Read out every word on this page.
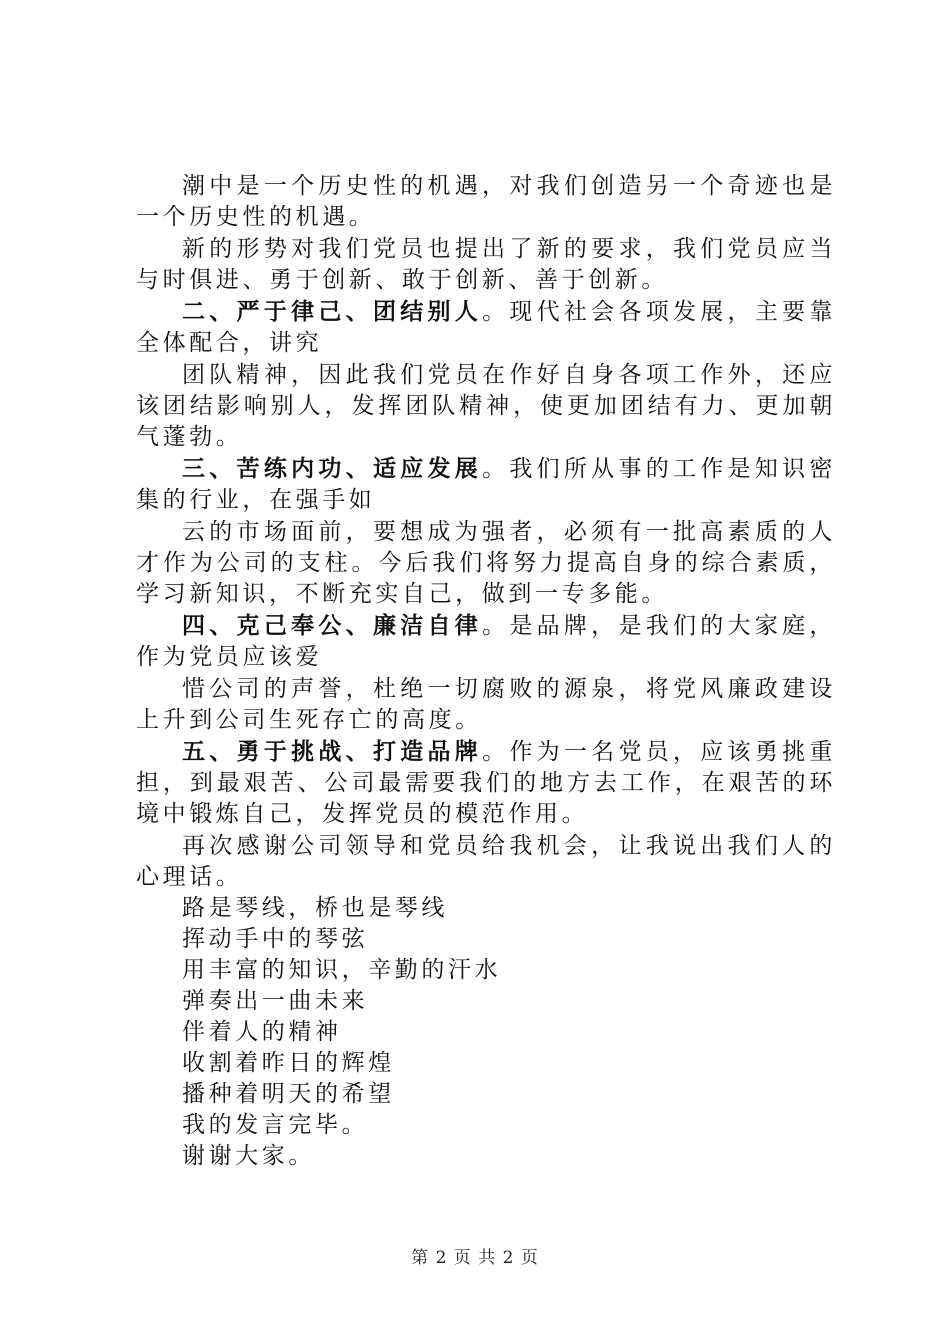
潮中是一个历史性的机遇，对我们创造另一个奇迹也是一个历史性的机遇。

新的形势对我们党员也提出了新的要求，我们党员应当与时俱进、勇于创新、敢于创新、善于创新。

二、严于律己、团结别人。现代社会各项发展，主要靠全体配合，讲究

团队精神，因此我们党员在作好自身各项工作外，还应该团结影响别人，发挥团队精神，使更加团结有力、更加朝气蓬勃。

三、苦练内功、适应发展。我们所从事的工作是知识密集的行业，在强手如

云的市场面前，要想成为强者，必须有一批高素质的人才作为公司的支柱。今后我们将努力提高自身的综合素质，学习新知识，不断充实自己，做到一专多能。

四、克己奉公、廉洁自律。是品牌，是我们的大家庭，作为党员应该爱

惜公司的声誉，杜绝一切腐败的源泉，将党风廉政建设上升到公司生死存亡的高度。

五、勇于挑战、打造品牌。作为一名党员，应该勇挑重担，到最艰苦、公司最需要我们的地方去工作，在艰苦的环境中锻炼自己，发挥党员的模范作用。

再次感谢公司领导和党员给我机会，让我说出我们人的心理话。

路是琴线，桥也是琴线
挥动手中的琴弦
用丰富的知识，辛勤的汗水
弹奏出一曲未来
伴着人的精神
收割着昨日的辉煌
播种着明天的希望
我的发言完毕。
谢谢大家。
第 2 页 共 2 页
